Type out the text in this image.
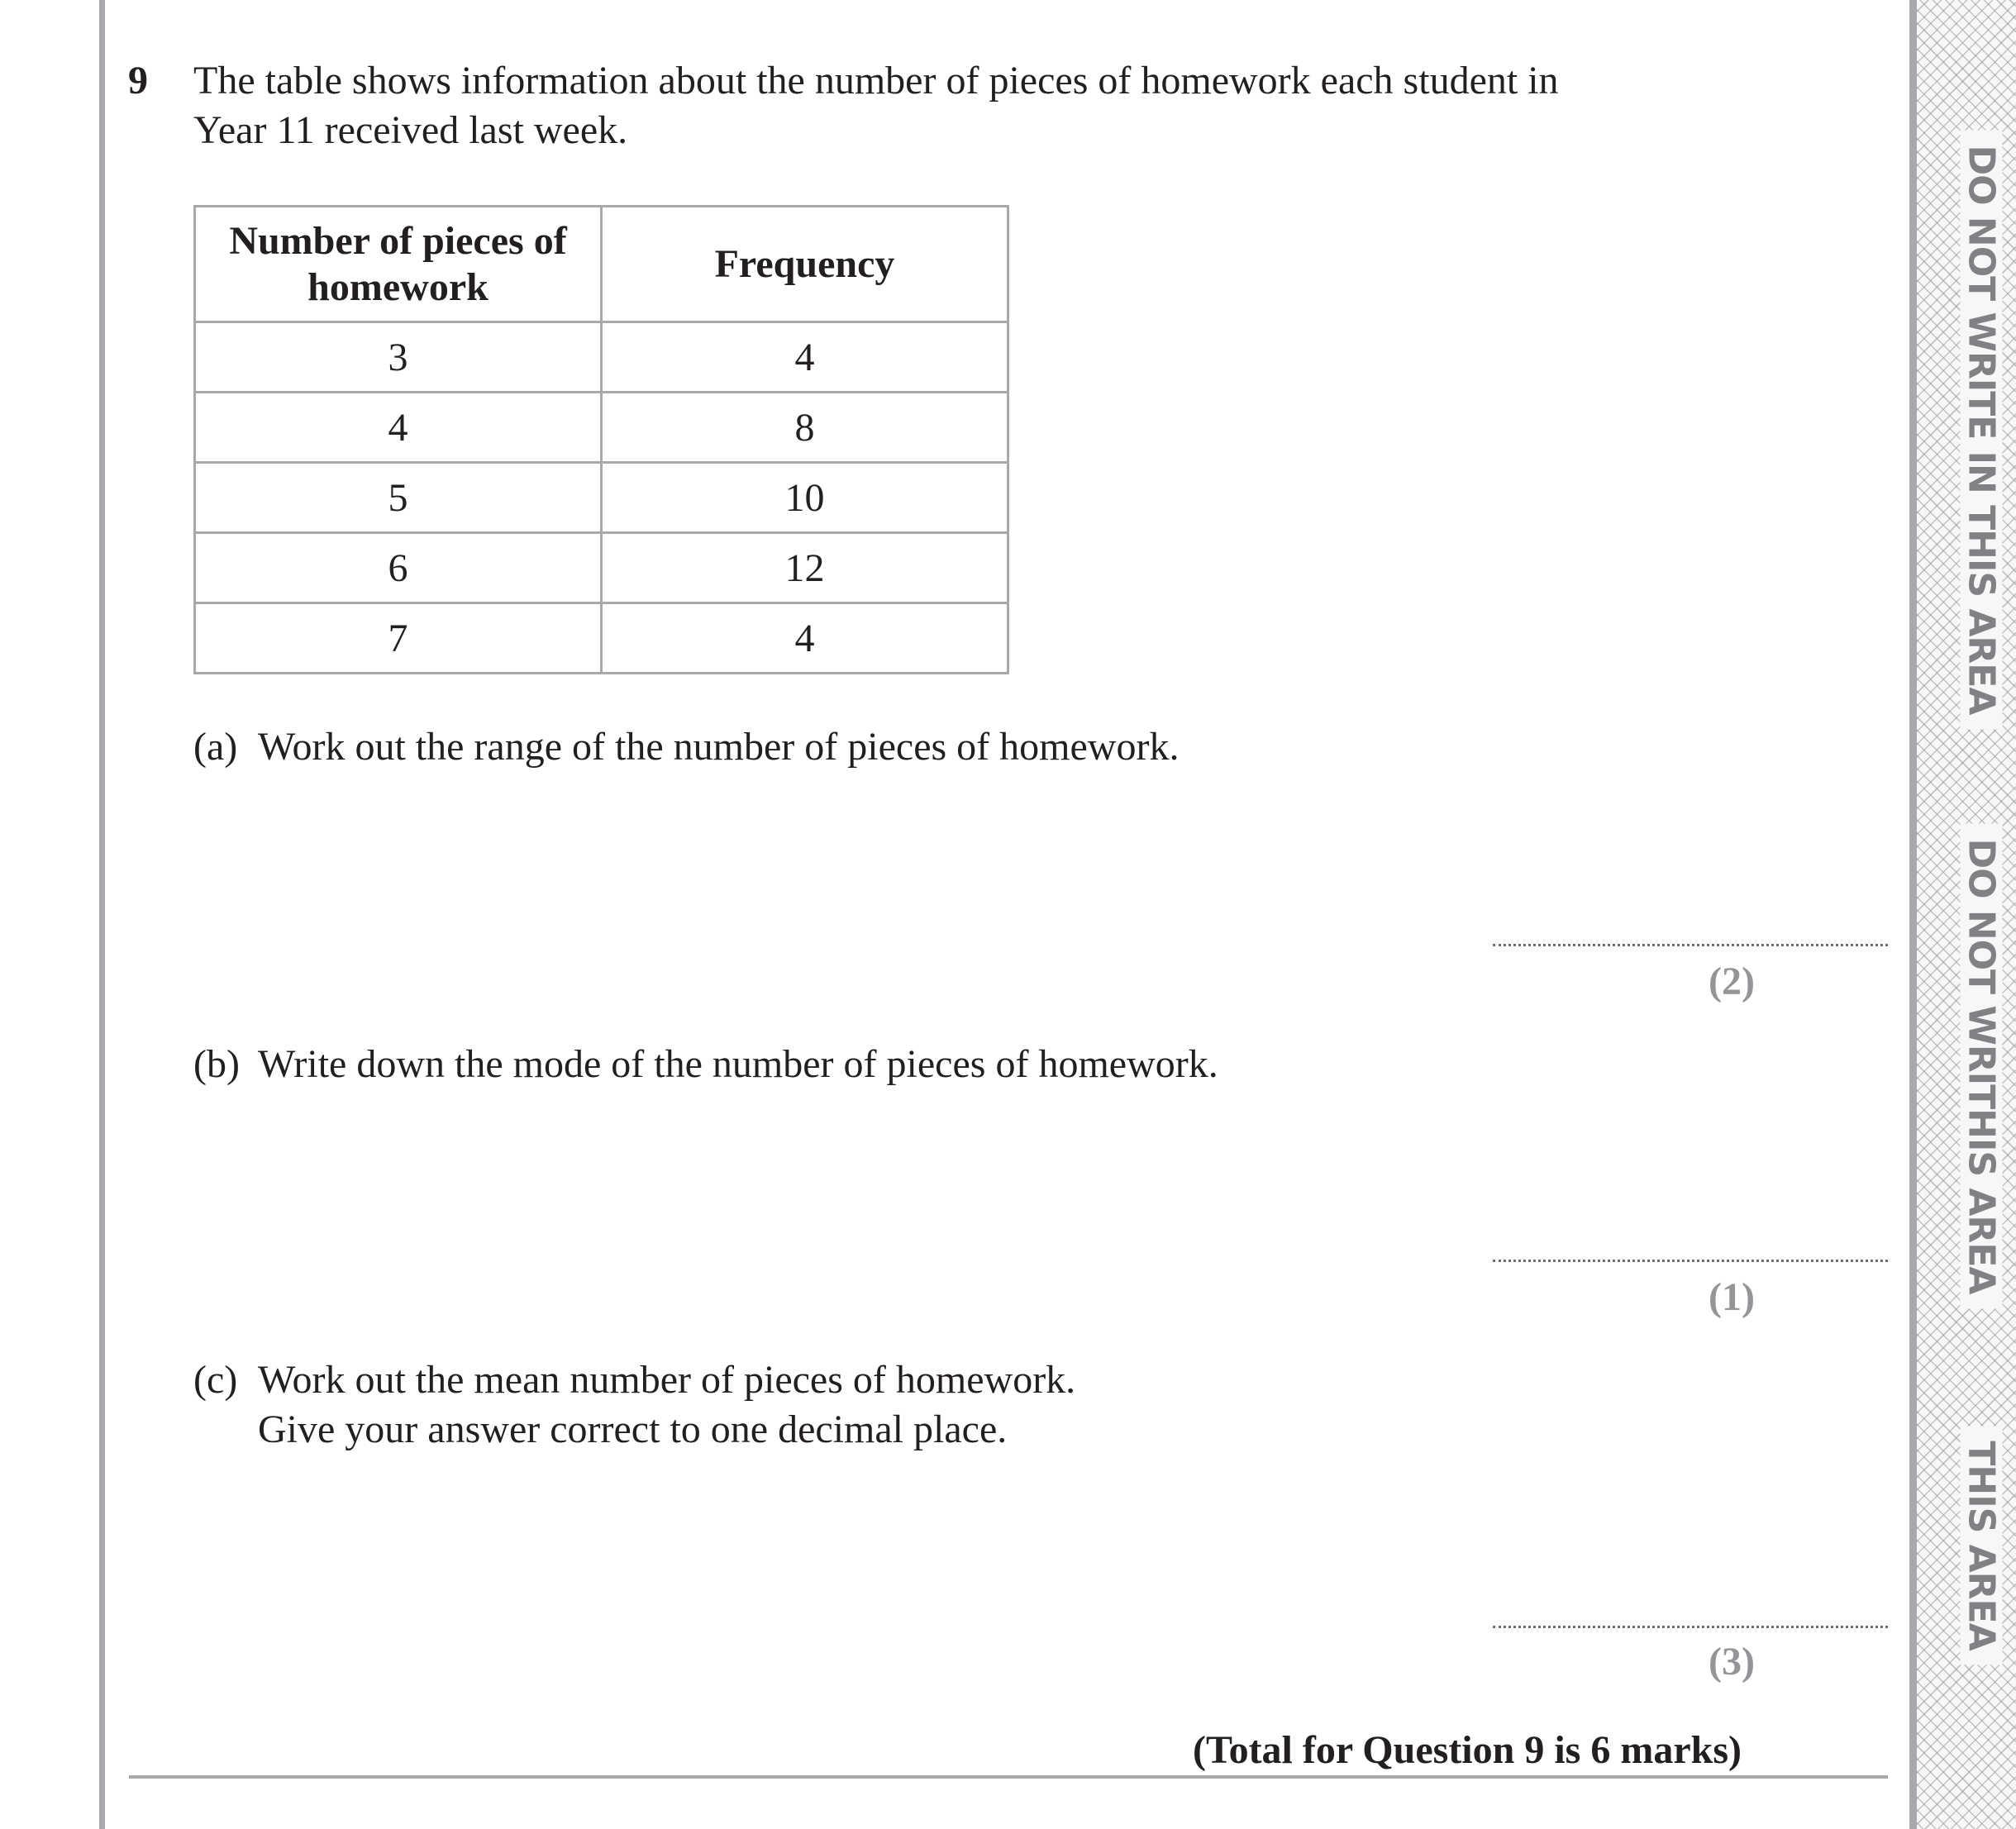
DO NOT WRITE IN THIS AREA
DO NOT WRITHIS AREA
THIS AREA
9 The table shows information about the number of pieces of homework each student in
Year 11 received last week.
Number of pieces of
homework	Frequency

3	4
4	8
5	10
6	12
7	4
(a) Work out the range of the number of pieces of homework.
(2)
(b) Write down the mode of the number of pieces of homework.
(1)
(c) Work out the mean number of pieces of homework.
Give your answer correct to one decimal place.
(3)
(Total for Question 9 is 6 marks)
